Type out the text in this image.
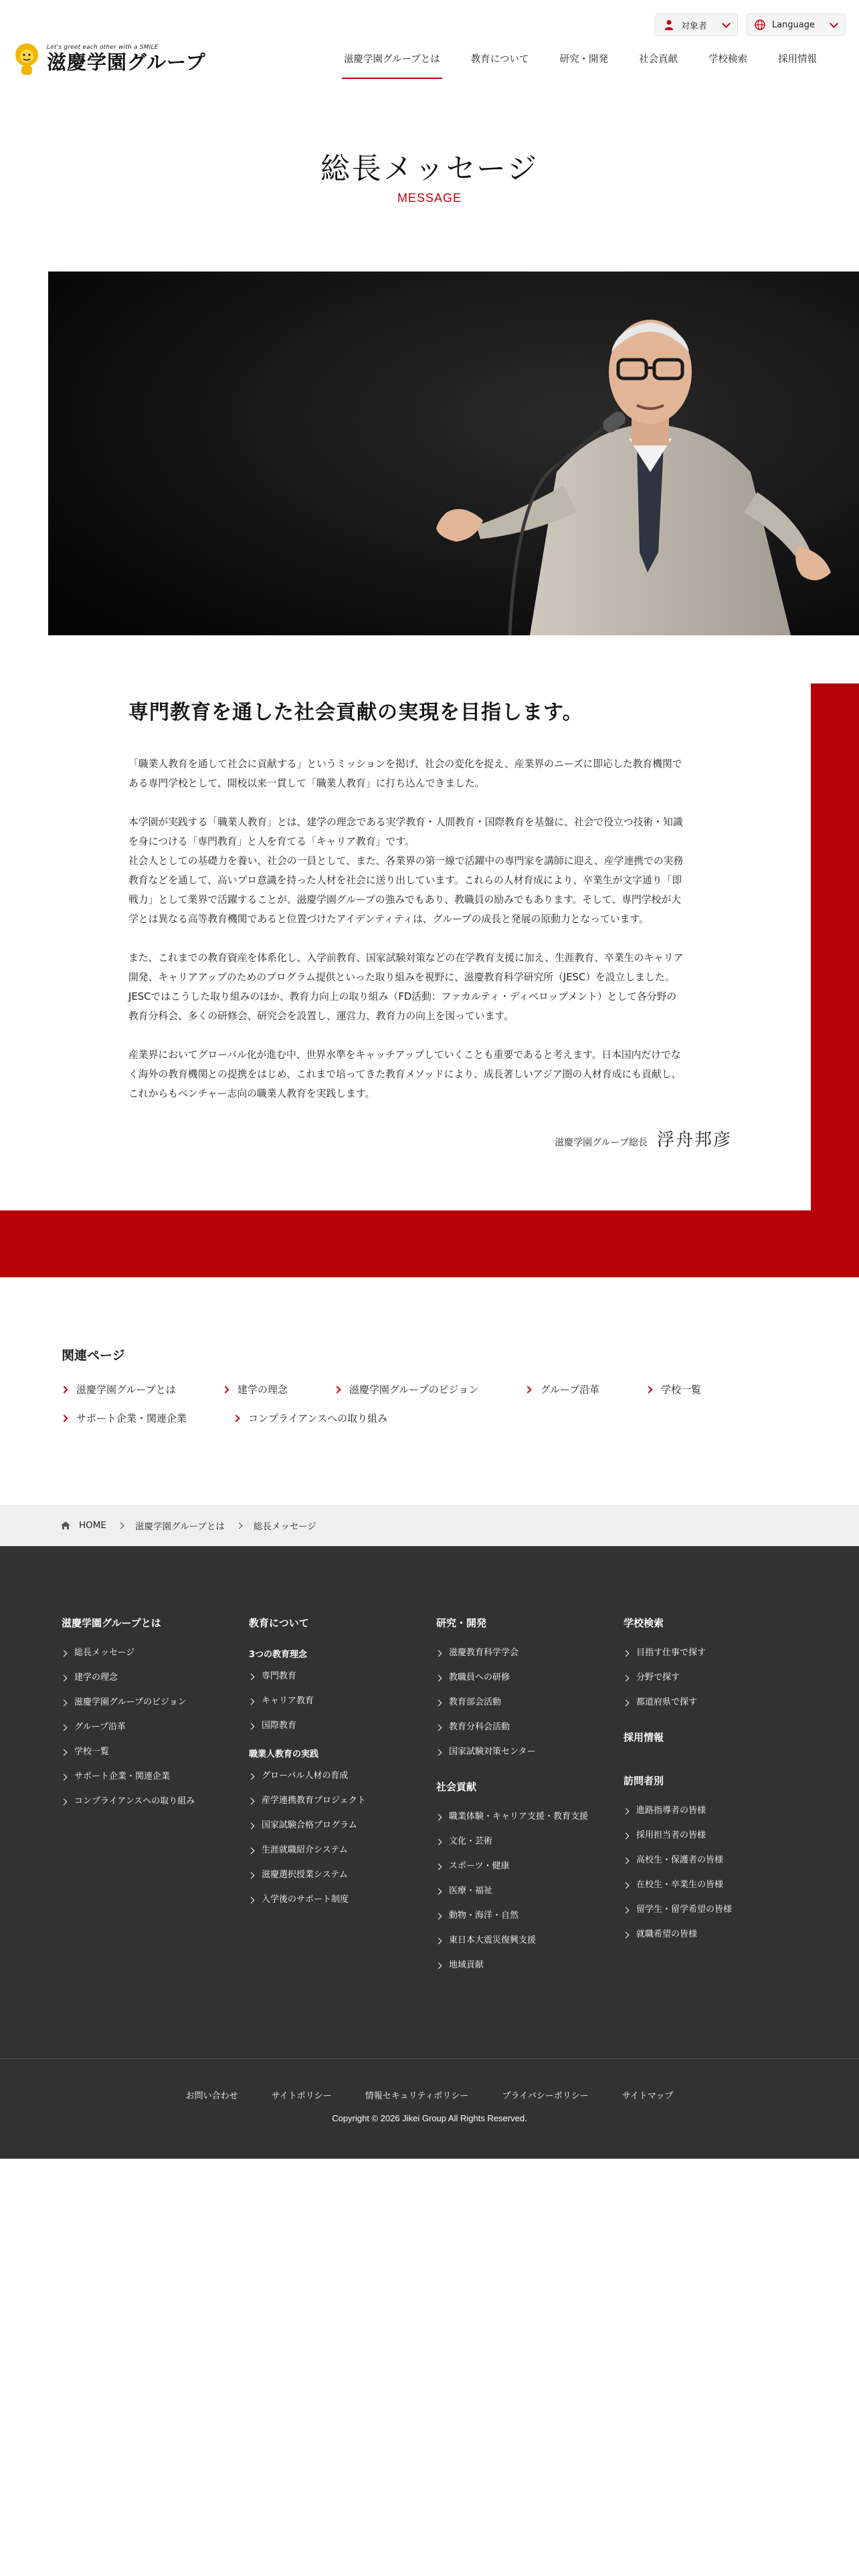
対象者	Language
Let's greet each other with a SMILE
滋慶学園グループ	滋慶学園グループとは	教育について	研究・開発	社会貢献	学校検索	採用情報
総長メッセージ
MESSAGE
専門教育を通した社会貢献の実現を目指します。

「職業人教育を通して社会に貢献する」というミッションを掲げ、社会の変化を捉え、産業界のニーズに即応した教育機関で
ある専門学校として、開校以来一貫して「職業人教育」に打ち込んできました。

本学園が実践する「職業人教育」とは、建学の理念である実学教育・人間教育・国際教育を基盤に、社会で役立つ技術・知識
を身につける「専門教育」と人を育てる「キャリア教育」です。
社会人としての基礎力を養い、社会の一員として、また、各業界の第一線で活躍中の専門家を講師に迎え、産学連携での実務
教育などを通して、高いプロ意識を持った人材を社会に送り出しています。これらの人材育成により、卒業生が文字通り「即
戦力」として業界で活躍することが、滋慶学園グループの強みでもあり、教職員の励みでもあります。そして、専門学校が大
学とは異なる高等教育機関であると位置づけたアイデンティティは、グループの成長と発展の原動力となっています。

また、これまでの教育資産を体系化し、入学前教育、国家試験対策などの在学教育支援に加え、生涯教育、卒業生のキャリア
開発、キャリアアップのためのプログラム提供といった取り組みを視野に、滋慶教育科学研究所（JESC）を設立しました。
JESCではこうした取り組みのほか、教育力向上の取り組み（FD活動：ファカルティ・ディベロップメント）として各分野の
教育分科会、多くの研修会、研究会を設置し、運営力、教育力の向上を図っています。

産業界においてグローバル化が進む中、世界水準をキャッチアップしていくことも重要であると考えます。日本国内だけでな
く海外の教育機関との提携をはじめ、これまで培ってきた教育メソッドにより、成長著しいアジア圏の人材育成にも貢献し、
これからもベンチャー志向の職業人教育を実践します。

滋慶学園グループ総長 浮舟邦彦
関連ページ
滋慶学園グループとは	建学の理念	滋慶学園グループのビジョン	グループ沿革	学校一覧
サポート企業・関連企業	コンプライアンスへの取り組み
HOME	滋慶学園グループとは	総長メッセージ
滋慶学園グループとは
総長メッセージ
建学の理念
滋慶学園グループのビジョン
グループ沿革
学校一覧
サポート企業・関連企業
コンプライアンスへの取り組み
教育について
3つの教育理念
専門教育
キャリア教育
国際教育
職業人教育の実践
グローバル人材の育成
産学連携教育プロジェクト
国家試験合格プログラム
生涯就職紹介システム
滋慶選択授業システム
入学後のサポート制度
研究・開発
滋慶教育科学学会
教職員への研修
教育部会活動
教育分科会活動
国家試験対策センター
社会貢献
職業体験・キャリア支援・教育支援
文化・芸術
スポーツ・健康
医療・福祉
動物・海洋・自然
東日本大震災復興支援
地域貢献
学校検索
目指す仕事で探す
分野で探す
都道府県で探す
採用情報
訪問者別
進路指導者の皆様
採用担当者の皆様
高校生・保護者の皆様
在校生・卒業生の皆様
留学生・留学希望の皆様
就職希望の皆様
お問い合わせ	サイトポリシー	情報セキュリティポリシー	プライバシーポリシー	サイトマップ
Copyright © 2026 Jikei Group All Rights Reserved.
